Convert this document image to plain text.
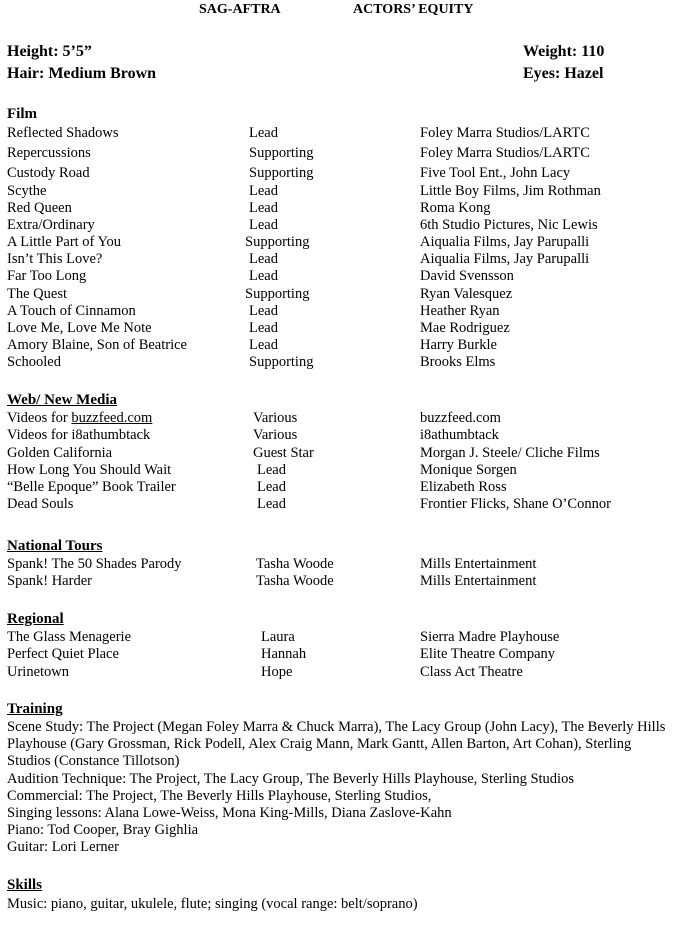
SAG-AFTRA	ACTORS’ EQUITY
Height: 5’5”	Weight: 110
Hair: Medium Brown	Eyes: Hazel
Film
Reflected Shadows	Lead	Foley Marra Studios/LARTC
Repercussions	Supporting	Foley Marra Studios/LARTC
Custody Road	Supporting	Five Tool Ent., John Lacy
Scythe	Lead	Little Boy Films, Jim Rothman
Red Queen	Lead	Roma Kong
Extra/Ordinary	Lead	6th Studio Pictures, Nic Lewis
A Little Part of You	Supporting	Aiqualia Films, Jay Parupalli
Isn’t This Love?	Lead	Aiqualia Films, Jay Parupalli
Far Too Long	Lead	David Svensson
The Quest	Supporting	Ryan Valesquez
A Touch of Cinnamon	Lead	Heather Ryan
Love Me, Love Me Note	Lead	Mae Rodriguez
Amory Blaine, Son of Beatrice	Lead	Harry Burkle
Schooled	Supporting	Brooks Elms
Web/ New Media
Videos for buzzfeed.com	Various	buzzfeed.com
Videos for i8athumbtack	Various	i8athumbtack
Golden California	Guest Star	Morgan J. Steele/ Cliche Films
How Long You Should Wait	Lead	Monique Sorgen
“Belle Epoque” Book Trailer	Lead	Elizabeth Ross
Dead Souls	Lead	Frontier Flicks, Shane O’Connor
National Tours
Spank! The 50 Shades Parody	Tasha Woode	Mills Entertainment
Spank! Harder	Tasha Woode	Mills Entertainment
Regional
The Glass Menagerie	Laura	Sierra Madre Playhouse
Perfect Quiet Place	Hannah	Elite Theatre Company
Urinetown	Hope	Class Act Theatre
Training
Scene Study: The Project (Megan Foley Marra & Chuck Marra), The Lacy Group (John Lacy), The Beverly Hills Playhouse (Gary Grossman, Rick Podell, Alex Craig Mann, Mark Gantt, Allen Barton, Art Cohan), Sterling Studios (Constance Tillotson)
Audition Technique: The Project, The Lacy Group, The Beverly Hills Playhouse, Sterling Studios
Commercial: The Project, The Beverly Hills Playhouse, Sterling Studios,
Singing lessons: Alana Lowe-Weiss, Mona King-Mills, Diana Zaslove-Kahn
Piano: Tod Cooper, Bray Gighlia
Guitar: Lori Lerner
Skills
Music: piano, guitar, ukulele, flute; singing (vocal range: belt/soprano)
